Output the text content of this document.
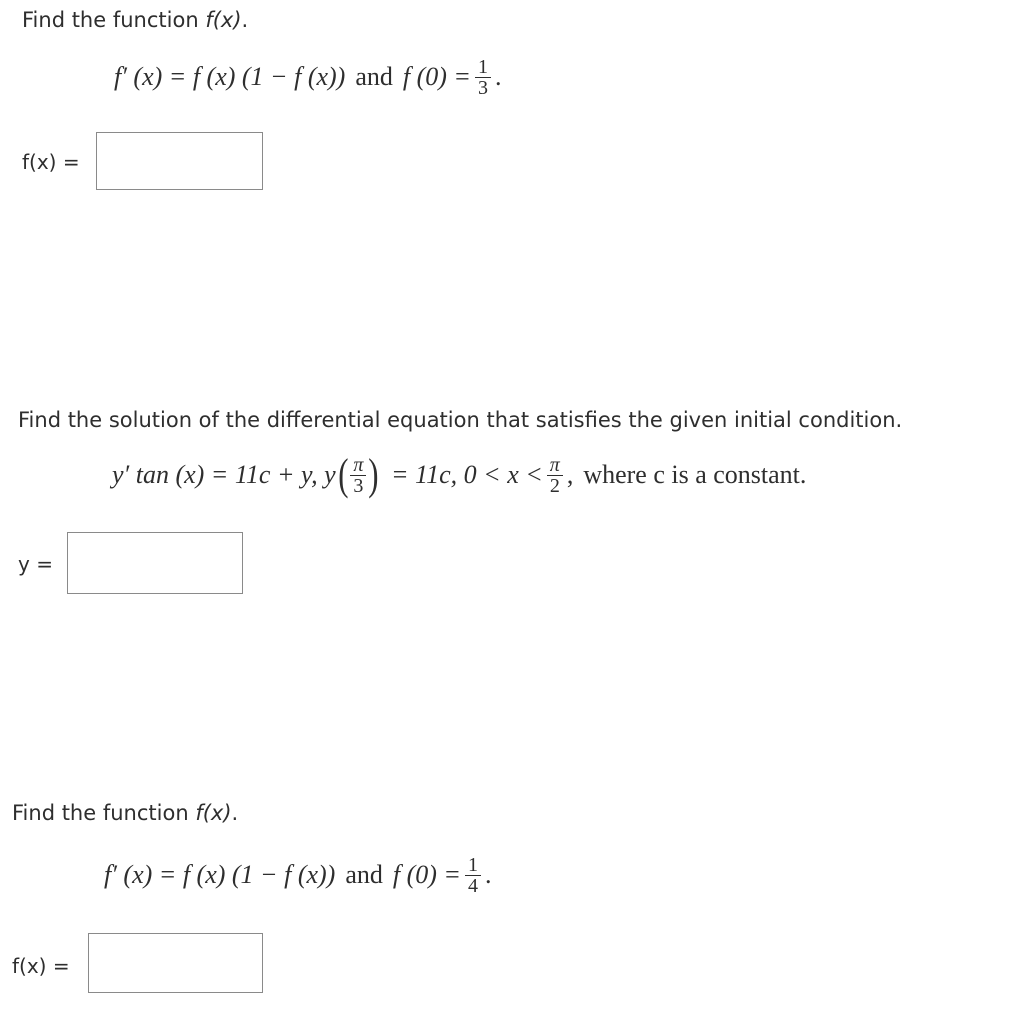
Find the function f(x).
f′ (x) = f (x) (1 − f (x)) and f $(0) = \frac{1}{3}$ .
f(x) =
Find the solution of the differential equation that satisfies the given initial condition.
y′ tan (x) = 11c + y, y ( $\frac{\pi}{3}$ ) = 11c, $0 < x < \frac{\pi}{2}$ , where c is a constant.
y =
Find the function f(x).
f′ (x) = f (x) (1 − f (x)) and f $(0) = \frac{1}{4}$ .
f(x) =
